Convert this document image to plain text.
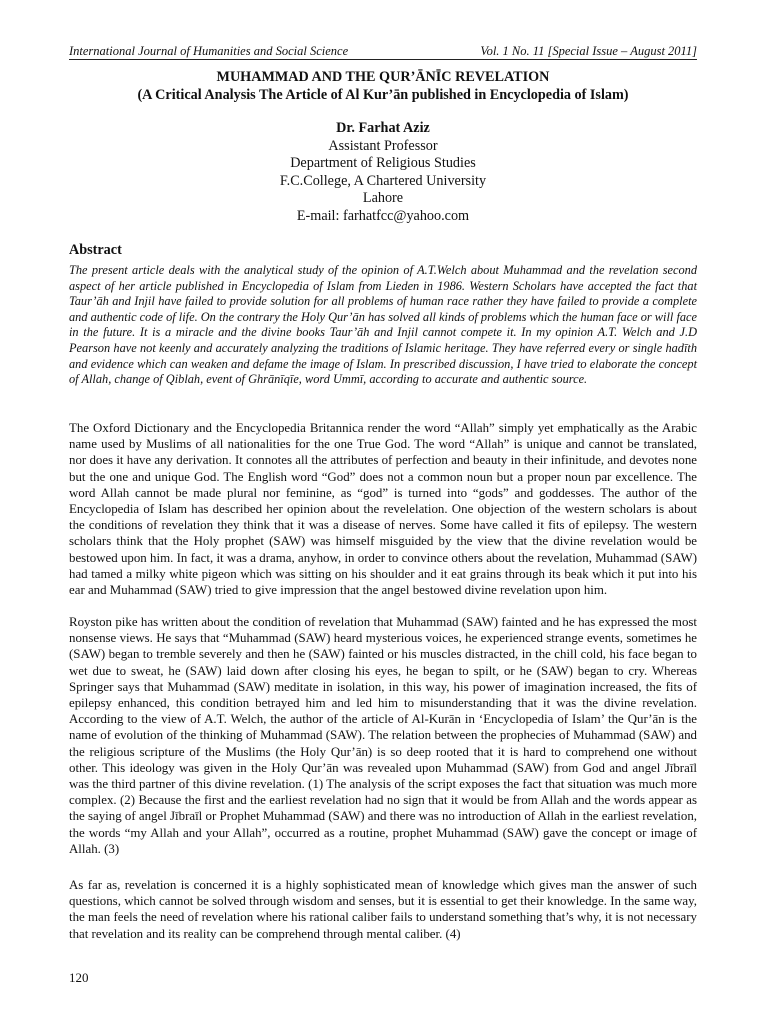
International Journal of Humanities and Social Science	Vol. 1 No. 11 [Special Issue – August 2011]
MUHAMMAD AND THE QUR’ĀNĪC REVELATION
(A Critical Analysis The Article of Al Kur’ān published in Encyclopedia of Islam)
Dr. Farhat Aziz
Assistant Professor
Department of Religious Studies
F.C.College, A Chartered University
Lahore
E-mail: farhatfcc@yahoo.com
Abstract
The present article deals with the analytical study of the opinion of A.T.Welch about Muhammad and the revelation second aspect of her article published in Encyclopedia of Islam from Lieden in 1986. Western Scholars have accepted the fact that Taur’āh and Injil have failed to provide solution for all problems of human race rather they have failed to provide a complete and authentic code of life. On the contrary the Holy Qur’ān has solved all kinds of problems which the human face or will face in the future. It is a miracle and the divine books Taur’āh and Injil cannot compete it. In my opinion A.T. Welch and J.D Pearson have not keenly and accurately analyzing the traditions of Islamic heritage. They have referred every or single hadīth and evidence which can weaken and defame the image of Islam. In prescribed discussion, I have tried to elaborate the concept of Allah, change of Qiblah, event of Ghrānīqīe, word Ummī, according to accurate and authentic source.
The Oxford Dictionary and the Encyclopedia Britannica render the word “Allah” simply yet emphatically as the Arabic name used by Muslims of all nationalities for the one True God. The word “Allah” is unique and cannot be translated, nor does it have any derivation. It connotes all the attributes of perfection and beauty in their infinitude, and devotes none but the one and unique God. The English word “God” does not a common noun but a proper noun par excellence. The word Allah cannot be made plural nor feminine, as “god” is turned into “gods” and goddesses. The author of the Encyclopedia of Islam has described her opinion about the revelelation. One objection of the western scholars is about the conditions of revelation they think that it was a disease of nerves. Some have called it fits of epilepsy. The western scholars think that the Holy prophet (SAW) was himself misguided by the view that the divine revelation would be bestowed upon him. In fact, it was a drama, anyhow, in order to convince others about the revelation, Muhammad (SAW) had tamed a milky white pigeon which was sitting on his shoulder and it eat grains through its beak which it put into his ear and Muhammad (SAW) tried to give impression that the angel bestowed divine revelation upon him.
Royston pike has written about the condition of revelation that Muhammad (SAW) fainted and he has expressed the most nonsense views. He says that “Muhammad (SAW) heard mysterious voices, he experienced strange events, sometimes he (SAW) began to tremble severely and then he (SAW) fainted or his muscles distracted, in the chill cold, his face began to wet due to sweat, he (SAW) laid down after closing his eyes, he began to spilt, or he (SAW) began to cry. Whereas Springer says that Muhammad (SAW) meditate in isolation, in this way, his power of imagination increased, the fits of epilepsy enhanced, this condition betrayed him and led him to misunderstanding that it was the divine revelation. According to the view of A.T. Welch, the author of the article of Al-Kurān in ‘Encyclopedia of Islam’ the Qur’ān is the name of evolution of the thinking of Muhammad (SAW). The relation between the prophecies of Muhammad (SAW) and the religious scripture of the Muslims (the Holy Qur’ān) is so deep rooted that it is hard to comprehend one without other. This ideology was given in the Holy Qur’ān was revealed upon Muhammad (SAW) from God and angel Jībraīl was the third partner of this divine revelation. (1) The analysis of the script exposes the fact that situation was much more complex. (2) Because the first and the earliest revelation had no sign that it would be from Allah and the words appear as the saying of angel Jībraīl or Prophet Muhammad (SAW) and there was no introduction of Allah in the earliest revelation, the words “my Allah and your Allah”, occurred as a routine, prophet Muhammad (SAW) gave the concept or image of Allah. (3)
As far as, revelation is concerned it is a highly sophisticated mean of knowledge which gives man the answer of such questions, which cannot be solved through wisdom and senses, but it is essential to get their knowledge. In the same way, the man feels the need of revelation where his rational caliber fails to understand something that’s why, it is not necessary that revelation and its reality can be comprehend through mental caliber. (4)
120
